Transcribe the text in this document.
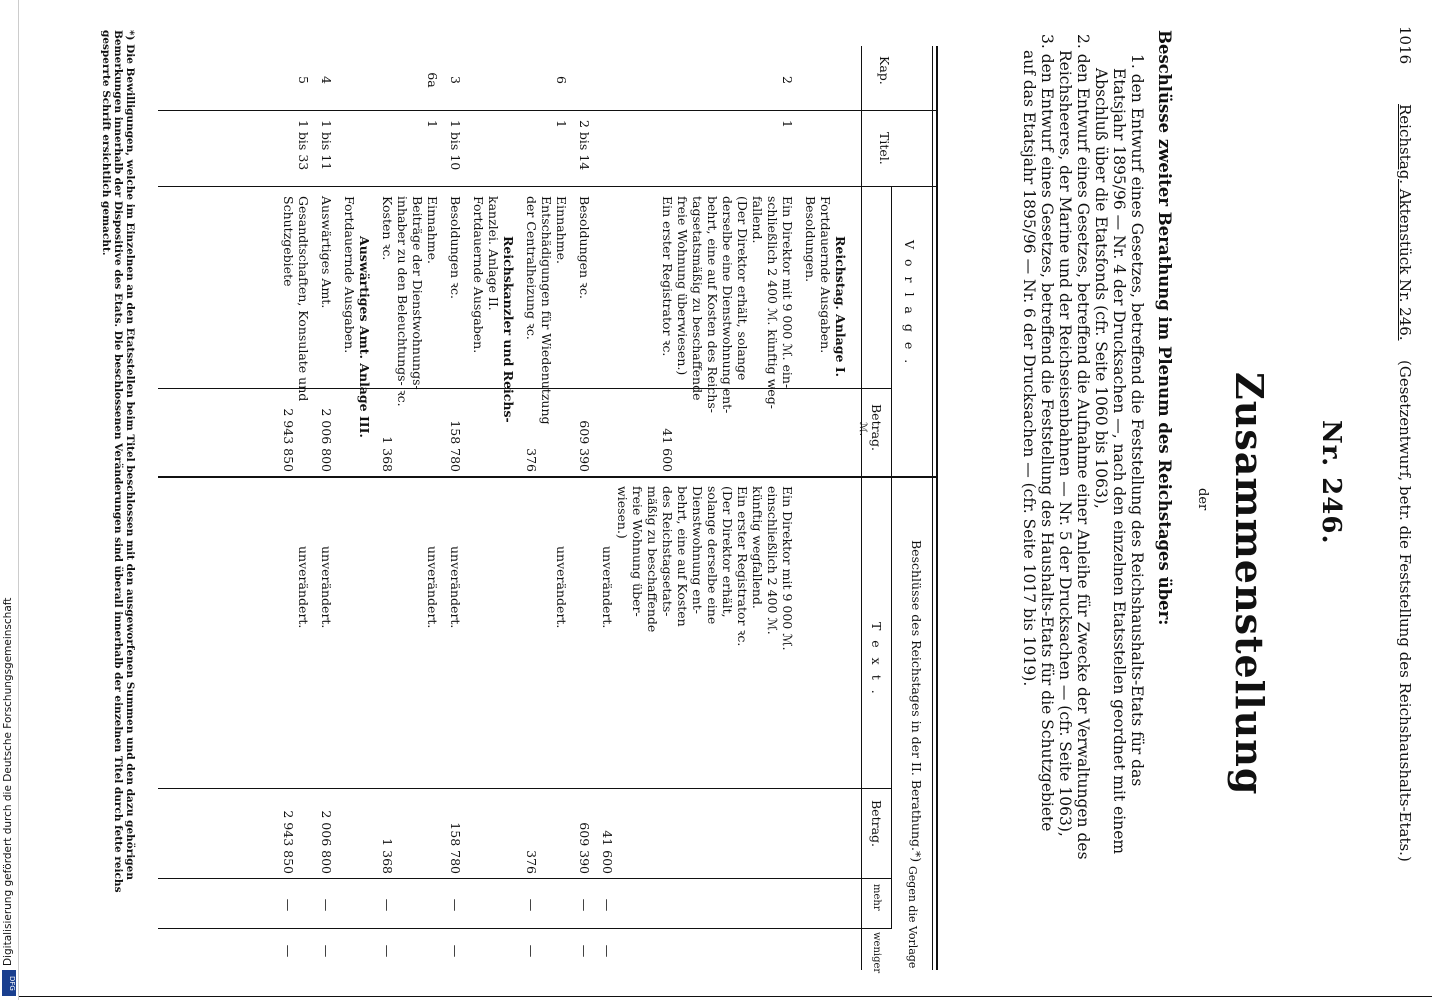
1016
Reichstag. Aktenstück Nr. 246.
(Gesetzentwurf, betr. die Feststellung des Reichshaushalts-Etats.)
Nr. 246.
Zusammenstellung
der
Beschlüsse zweiter Berathung im Plenum des Reichstages über:
1. den Entwurf eines Gesetzes, betreffend die Feststellung des Reichshaushalts-Etats für das
Etatsjahr 1895/96 — Nr. 4 der Drucksachen —, nach den einzelnen Etatsstellen geordnet mit einem
Abschluß über die Etatsfonds (cfr. Seite 1060 bis 1063),
2. den Entwurf eines Gesetzes, betreffend die Aufnahme einer Anleihe für Zwecke der Verwaltungen des
Reichsheeres, der Marine und der Reichseisenbahnen — Nr. 5 der Drucksachen — (cfr. Seite 1063),
3. den Entwurf eines Gesetzes, betreffend die Feststellung des Haushalts-Etats für die Schutzgebiete
auf das Etatsjahr 1895/96 — Nr. 6 der Drucksachen — (cfr. Seite 1017 bis 1019).
Kap.
Titel.
V o r l a g e .
Betrag.
ℳ.
Beschlüsse des Reichstages in der II. Berathung.*)
T e x t .
Betrag.
Gegen die Vorlage
mehr
weniger
Reichstag. Anlage I.
Fortdauernde Ausgaben.
Besoldungen.
2
1
Ein Direktor mit 9 000 ℳ. ein-
schließlich 2 400 ℳ. künftig weg-
fallend.
(Der Direktor erhält, solange
derselbe eine Dienstwohnung ent-
behrt, eine auf Kosten des Reichs-
tagsetatsmäßig zu beschaffende
freie Wohnung überwiesen.)
Ein erster Registrator ꝛc.
41 600
Ein Direktor mit 9 000 ℳ.
einschließlich 2 400 ℳ.
künftig wegfallend.
Ein erster Registrator ꝛc.
(Der Direktor erhält,
solange derselbe eine
Dienstwohnung ent-
behrt, eine auf Kosten
des Reichstagsetats-
mäßig zu beschaffende
freie Wohnung über-
wiesen.)
unverändert.
41 600
—
—
2 bis 14
Besoldungen ꝛc.
609 390
609 390
—
—
6
1
Einnahme.
Entschädigungen für Wiedenutzung
der Centralheizung ꝛc.
376
unverändert.
376
—
—
Reichskanzler und Reichs-
kanzlei. Anlage II.
Fortdauernde Ausgaben.
3
1 bis 10
Besoldungen ꝛc.
158 780
unverändert.
158 780
—
—
6a
1
Einnahme.
Beiträge der Dienstwohnungs-
inhaber zu den Beleuchtungs- ꝛc.
Kosten ꝛc.
1 368
unverändert.
1 368
—
—
Auswärtiges Amt. Anlage III.
Fortdauernde Ausgaben.
4
1 bis 11
Auswärtiges Amt.
2 006 800
unverändert.
2 006 800
—
—
5
1 bis 33
Gesandtschaften, Konsulate und
Schutzgebiete
2 943 850
unverändert.
2 943 850
—
—
*) Die Bewilligungen, welche im Einzelnen an den Etatsstellen beim Titel beschlossen mit den ausgeworfenen Summen und den dazu gehörigen
Bemerkungen innerhalb der Dispositive des Etats. Die beschlossenen Veränderungen sind überall innerhalb der einzelnen Titel durch fette reichs
gesperrte Schrift ersichtlich gemacht.
Digitalisierung gefördert durch die Deutsche Forschungsgemeinschaft
DFG
